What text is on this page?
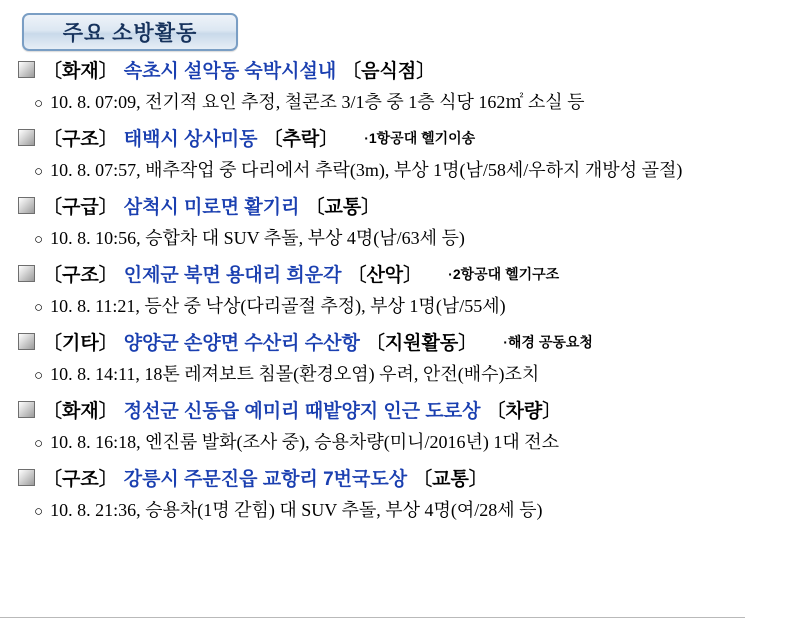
주요 소방활동
〔화재〕 속초시 설악동 숙박시설내 〔음식점〕
○ 10. 8. 07:09, 전기적 요인 추정, 철콘조 3/1층 중 1층 식당 162㎡ 소실 등
〔구조〕 태백시 상사미동 〔추락〕 ·1항공대 헬기이송
○ 10. 8. 07:57, 배추작업 중 다리에서 추락(3m), 부상 1명(남/58세/우하지 개방성 골절)
〔구급〕 삼척시 미로면 활기리 〔교통〕
○ 10. 8. 10:56, 승합차 대 SUV 추돌, 부상 4명(남/63세 등)
〔구조〕 인제군 북면 용대리 희운각 〔산악〕 ·2항공대 헬기구조
○ 10. 8. 11:21, 등산 중 낙상(다리골절 추정), 부상 1명(남/55세)
〔기타〕 양양군 손양면 수산리 수산항 〔지원활동〕 ·해경 공동요청
○ 10. 8. 14:11, 18톤 레져보트 침몰(환경오염) 우려, 안전(배수)조치
〔화재〕 정선군 신동읍 예미리 때밭양지 인근 도로상 〔차량〕
○ 10. 8. 16:18, 엔진룸 발화(조사 중), 승용차량(미니/2016년) 1대 전소
〔구조〕 강릉시 주문진읍 교항리 7번국도상 〔교통〕
○ 10. 8. 21:36, 승용차(1명 갇힘) 대 SUV 추돌, 부상 4명(여/28세 등)
